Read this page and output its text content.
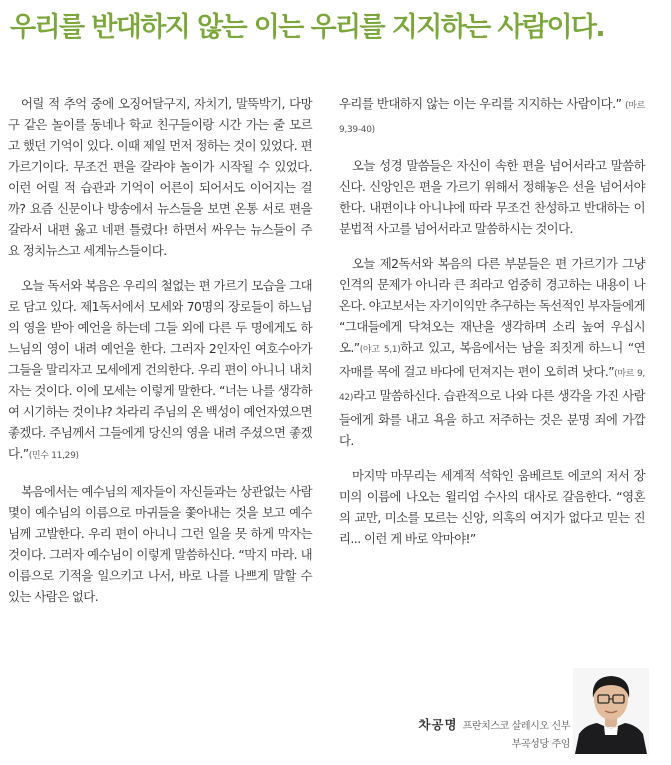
우리를 반대하지 않는 이는 우리를 지지하는 사람이다.

어릴 적 추억 중에 오징어달구지, 자치기, 말뚝박기, 다망구 같은 놀이를 동네나 학교 친구들이랑 시간 가는 줄 모르고 했던 기억이 있다. 이때 제일 먼저 정하는 것이 있었다. 편 가르기이다. 무조건 편을 갈라야 놀이가 시작될 수 있었다. 이런 어릴 적 습관과 기억이 어른이 되어서도 이어지는 걸까? 요즘 신문이나 방송에서 뉴스들을 보면 온통 서로 편을 갈라서 내편 옳고 네편 틀렸다! 하면서 싸우는 뉴스들이 주요 정치뉴스고 세계뉴스들이다.

오늘 독서와 복음은 우리의 철없는 편 가르기 모습을 그대로 담고 있다. 제1독서에서 모세와 70명의 장로들이 하느님의 영을 받아 예언을 하는데 그들 외에 다른 두 명에게도 하느님의 영이 내려 예언을 한다. 그러자 2인자인 여호수아가 그들을 말리자고 모세에게 건의한다. 우리 편이 아니니 내치자는 것이다. 이에 모세는 이렇게 말한다. “너는 나를 생각하여 시기하는 것이냐? 차라리 주님의 온 백성이 예언자였으면 좋겠다. 주님께서 그들에게 당신의 영을 내려 주셨으면 좋겠다.”(민수 11,29)

복음에서는 예수님의 제자들이 자신들과는 상관없는 사람 몇이 예수님의 이름으로 마귀들을 쫓아내는 것을 보고 예수님께 고발한다. 우리 편이 아니니 그런 일을 못 하게 막자는 것이다. 그러자 예수님이 이렇게 말씀하신다. “막지 마라. 내 이름으로 기적을 일으키고 나서, 바로 나를 나쁘게 말할 수 있는 사람은 없다.

우리를 반대하지 않는 이는 우리를 지지하는 사람이다.” (마르 9,39-40)

오늘 성경 말씀들은 자신이 속한 편을 넘어서라고 말씀하신다. 신앙인은 편을 가르기 위해서 정해놓은 선을 넘어서야 한다. 내편이냐 아니냐에 따라 무조건 찬성하고 반대하는 이분법적 사고를 넘어서라고 말씀하시는 것이다.

오늘 제2독서와 복음의 다른 부분들은 편 가르기가 그냥 인격의 문제가 아니라 큰 죄라고 엄중히 경고하는 내용이 나온다. 야고보서는 자기이익만 추구하는 독선적인 부자들에게 “그대들에게 닥쳐오는 재난을 생각하며 소리 높여 우십시오.”(야고 5,1)하고 있고, 복음에서는 남을 죄짓게 하느니 “연자매를 목에 걸고 바다에 던져지는 편이 오히려 낫다.”(마르 9,42)라고 말씀하신다. 습관적으로 나와 다른 생각을 가진 사람들에게 화를 내고 욕을 하고 저주하는 것은 분명 죄에 가깝다.

마지막 마무리는 세계적 석학인 움베르토 에코의 저서 장미의 이름에 나오는 윌리엄 수사의 대사로 갈음한다. “영혼의 교만, 미소를 모르는 신앙, 의혹의 여지가 없다고 믿는 진리... 이런 게 바로 악마야!”

차공명 프란치스코 살레시오 신부
부곡성당 주임
